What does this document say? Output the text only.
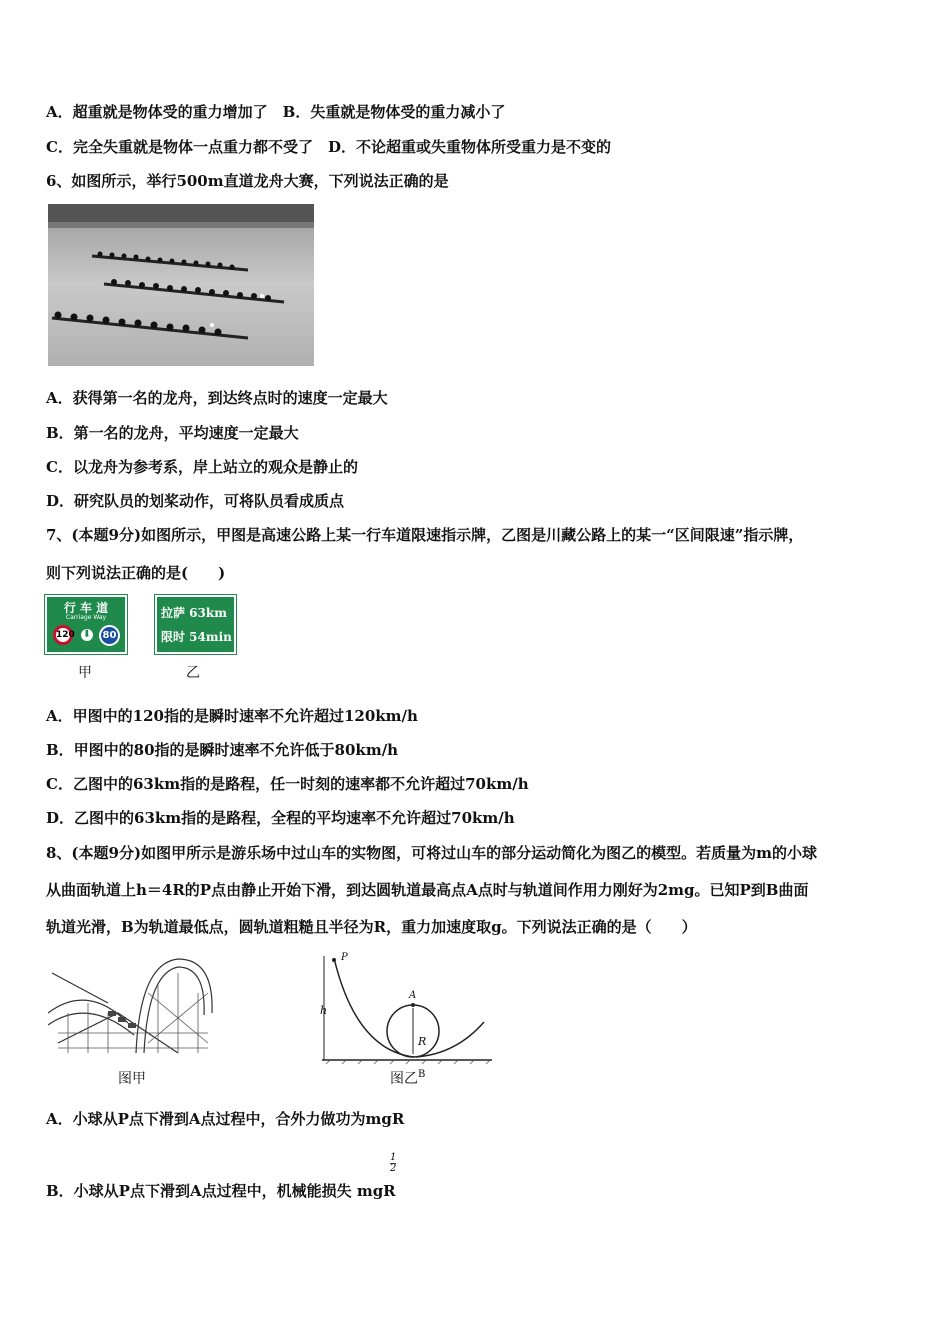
A．超重就是物体受的重力增加了　B．失重就是物体受的重力减小了
C．完全失重就是物体一点重力都不受了　D．不论超重或失重物体所受重力是不变的
6、如图所示，举行500m直道龙舟大赛，下列说法正确的是
A．获得第一名的龙舟，到达终点时的速度一定最大
B．第一名的龙舟，平均速度一定最大
C．以龙舟为参考系，岸上站立的观众是静止的
D．研究队员的划桨动作，可将队员看成质点
7、(本题9分)如图所示，甲图是高速公路上某一行车道限速指示牌，乙图是川藏公路上的某一“区间限速”指示牌，
则下列说法正确的是(　　)
行 车 道
Carriage Way
120 ⬇	80
甲
拉萨 63km
限时 54min
乙
A．甲图中的120指的是瞬时速率不允许超过120km/h
B．甲图中的80指的是瞬时速率不允许低于80km/h
C．乙图中的63km指的是路程，任一时刻的速率都不允许超过70km/h
D．乙图中的63km指的是路程，全程的平均速率不允许超过70km/h
8、(本题9分)如图甲所示是游乐场中过山车的实物图，可将过山车的部分运动简化为图乙的模型。若质量为m的小球
从曲面轨道上h＝4R的P点由静止开始下滑，到达圆轨道最高点A点时与轨道间作用力刚好为2mg。已知P到B曲面
轨道光滑，B为轨道最低点，圆轨道粗糙且半径为R，重力加速度取g。下列说法正确的是（　　）
图甲
P
h
A
R
图乙$^B$
A．小球从P点下滑到A点过程中，合外力做功为mgR
$\frac{1}{2}$
B．小球从P点下滑到A点过程中，机械能损失 mgR
